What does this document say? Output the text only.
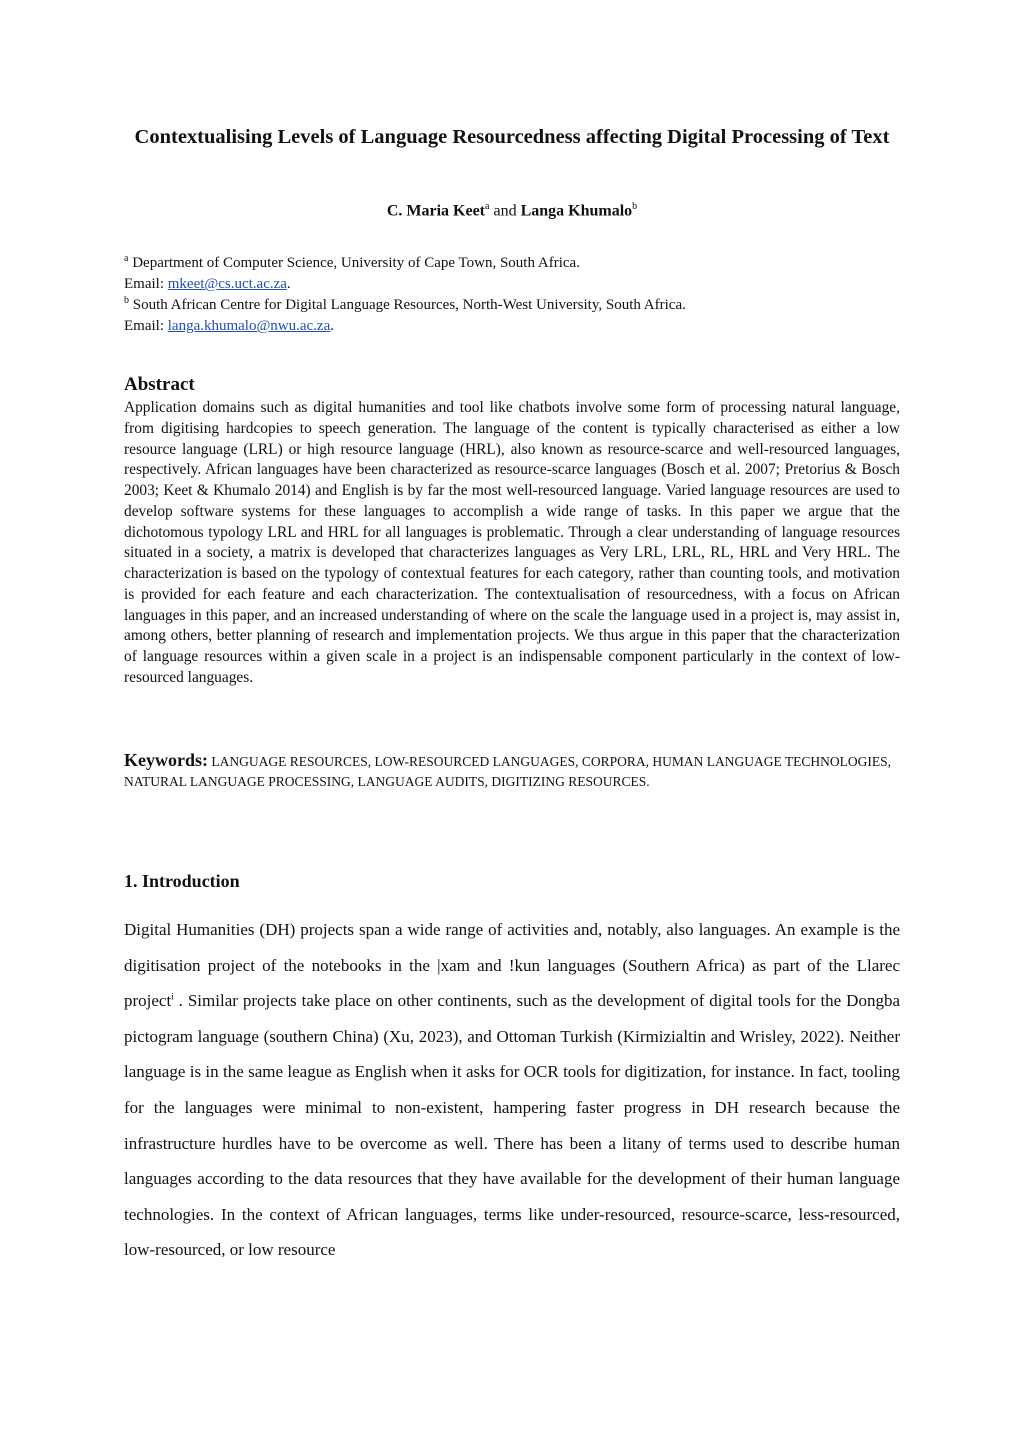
Contextualising Levels of Language Resourcedness affecting Digital Processing of Text
C. Maria Keet$^a$ and Langa Khumalo$^b$
$^a$ Department of Computer Science, University of Cape Town, South Africa.
Email: mkeet@cs.uct.ac.za.
$^b$ South African Centre for Digital Language Resources, North-West University, South Africa.
Email: langa.khumalo@nwu.ac.za.
Abstract

Application domains such as digital humanities and tool like chatbots involve some form of processing natural language, from digitising hardcopies to speech generation. The language of the content is typically characterised as either a low resource language (LRL) or high resource language (HRL), also known as resource-scarce and well-resourced languages, respectively. African languages have been characterized as resource-scarce languages (Bosch et al. 2007; Pretorius & Bosch 2003; Keet & Khumalo 2014) and English is by far the most well-resourced language. Varied language resources are used to develop software systems for these languages to accomplish a wide range of tasks. In this paper we argue that the dichotomous typology LRL and HRL for all languages is problematic. Through a clear understanding of language resources situated in a society, a matrix is developed that characterizes languages as Very LRL, LRL, RL, HRL and Very HRL. The characterization is based on the typology of contextual features for each category, rather than counting tools, and motivation is provided for each feature and each characterization. The contextualisation of resourcedness, with a focus on African languages in this paper, and an increased understanding of where on the scale the language used in a project is, may assist in, among others, better planning of research and implementation projects. We thus argue in this paper that the characterization of language resources within a given scale in a project is an indispensable component particularly in the context of low-resourced languages.

Keywords: LANGUAGE RESOURCES, LOW-RESOURCED LANGUAGES, CORPORA, HUMAN LANGUAGE TECHNOLOGIES, NATURAL LANGUAGE PROCESSING, LANGUAGE AUDITS, DIGITIZING RESOURCES.
1. Introduction

Digital Humanities (DH) projects span a wide range of activities and, notably, also languages. An example is the digitisation project of the notebooks in the |xam and !kun languages (Southern Africa) as part of the Llarec project$^i$ . Similar projects take place on other continents, such as the development of digital tools for the Dongba pictogram language (southern China) (Xu, 2023), and Ottoman Turkish (Kirmizialtin and Wrisley, 2022). Neither language is in the same league as English when it asks for OCR tools for digitization, for instance. In fact, tooling for the languages were minimal to non-existent, hampering faster progress in DH research because the infrastructure hurdles have to be overcome as well. There has been a litany of terms used to describe human languages according to the data resources that they have available for the development of their human language technologies. In the context of African languages, terms like under-resourced, resource-scarce, less-resourced, low-resourced, or low resource
